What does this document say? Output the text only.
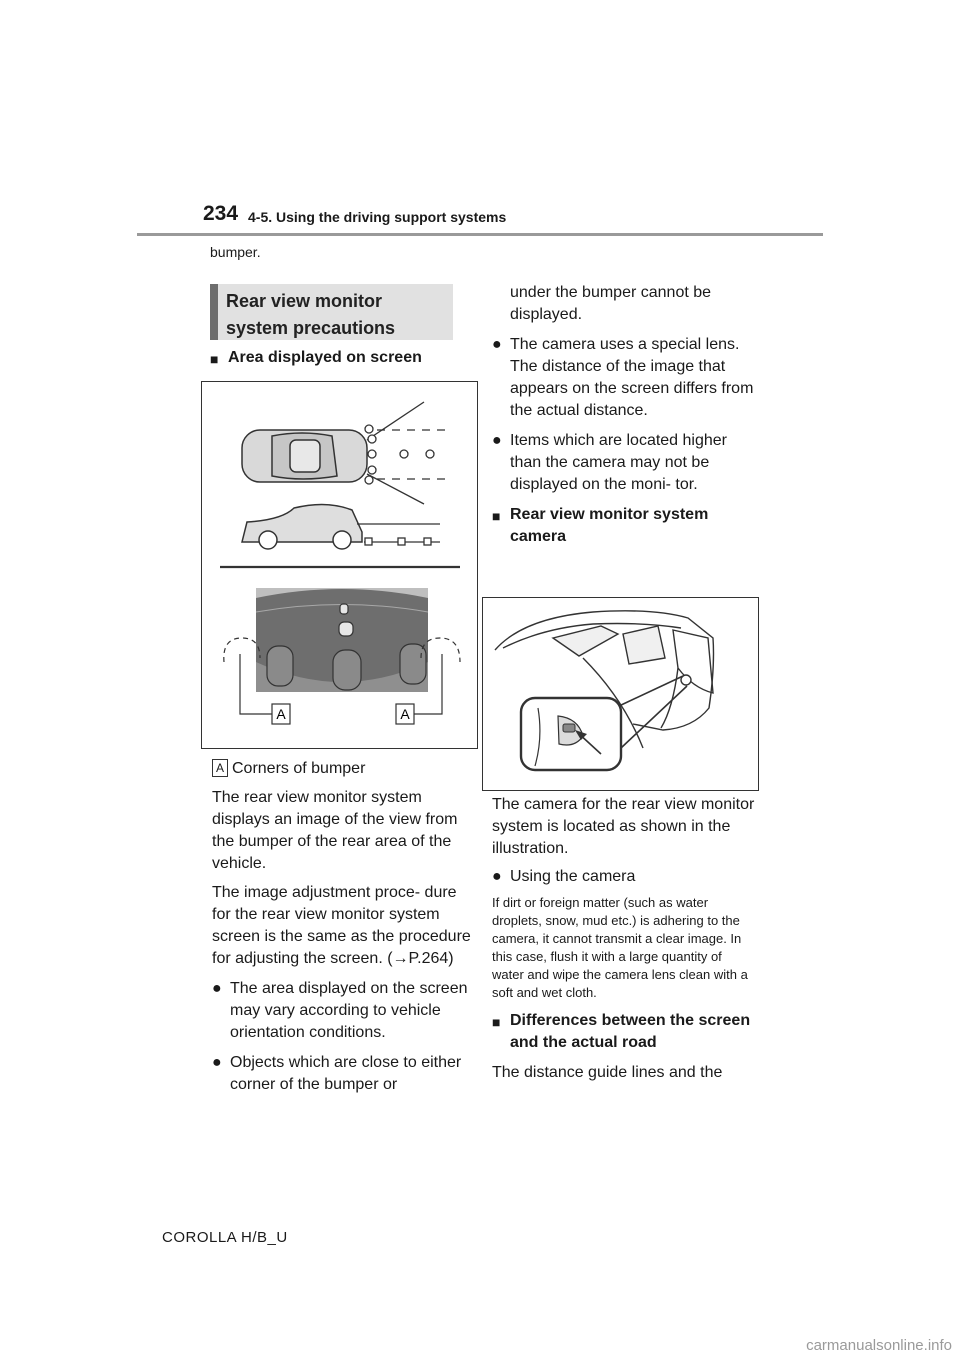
234 4-5. Using the driving support systems
bumper.
Rear view monitor system precautions
■ Area displayed on screen
A	A
A Corners of bumper
The rear view monitor system displays an image of the view from the bumper of the rear area of the vehicle.
The image adjustment proce- dure for the rear view monitor system screen is the same as the procedure for adjusting the screen. (→P.264)
● The area displayed on the screen may vary according to vehicle orientation conditions.
● Objects which are close to either corner of the bumper or
under the bumper cannot be displayed.
● The camera uses a special lens. The distance of the image that appears on the screen differs from the actual distance.
● Items which are located higher than the camera may not be displayed on the moni- tor.
■ Rear view monitor system camera
The camera for the rear view monitor system is located as shown in the illustration.
● Using the camera
If dirt or foreign matter (such as water droplets, snow, mud etc.) is adhering to the camera, it cannot transmit a clear image. In this case, flush it with a large quantity of water and wipe the camera lens clean with a soft and wet cloth.
■ Differences between the screen and the actual road
The distance guide lines and the
COROLLA H/B_U
carmanualsonline.info
